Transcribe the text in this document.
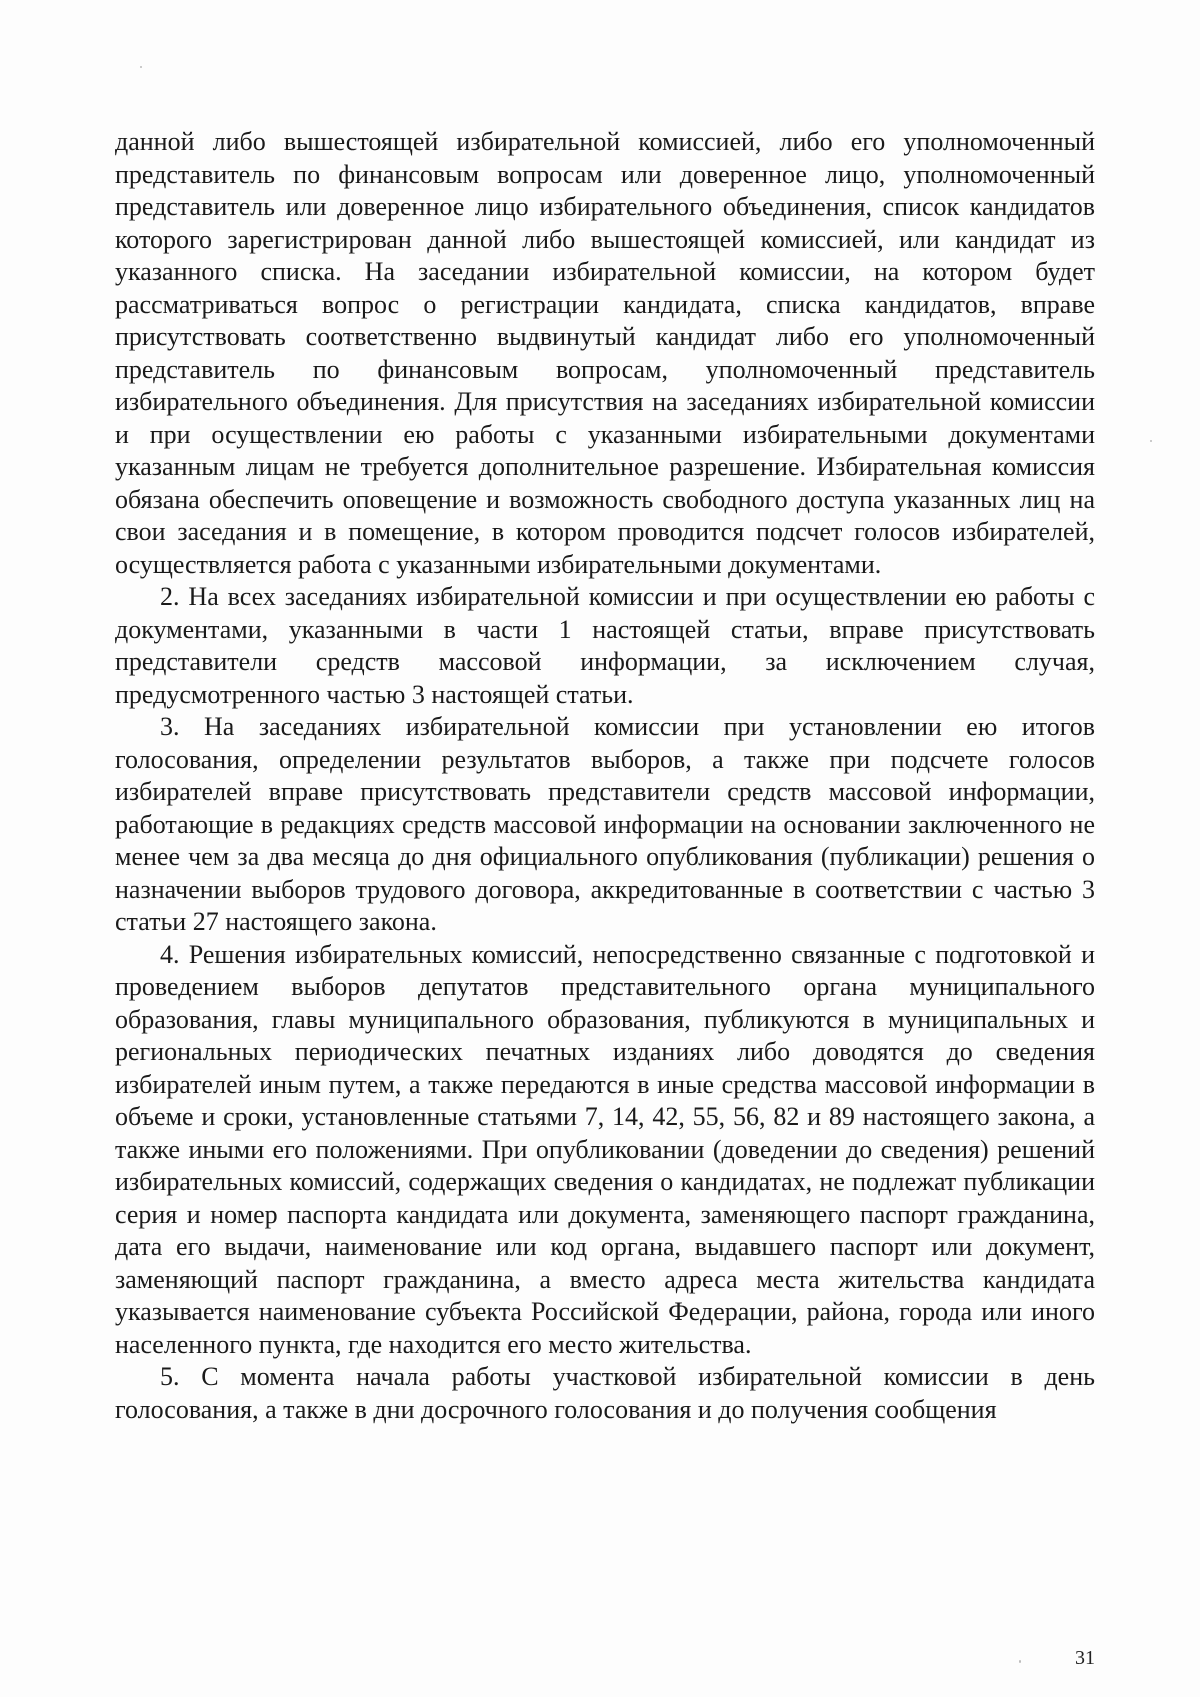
данной либо вышестоящей избирательной комиссией, либо его уполномоченный представитель по финансовым вопросам или доверенное лицо, уполномоченный представитель или доверенное лицо избирательного объединения, список кандидатов которого зарегистрирован данной либо вышестоящей комиссией, или кандидат из указанного списка. На заседании избирательной комиссии, на котором будет рассматриваться вопрос о регистрации кандидата, списка кандидатов, вправе присутствовать соответственно выдвинутый кандидат либо его уполномоченный представитель по финансовым вопросам, уполномоченный представитель избирательного объединения. Для присутствия на заседаниях избирательной комиссии и при осуществлении ею работы с указанными избирательными документами указанным лицам не требуется дополнительное разрешение. Избирательная комиссия обязана обеспечить оповещение и возможность свободного доступа указанных лиц на свои заседания и в помещение, в котором проводится подсчет голосов избирателей, осуществляется работа с указанными избирательными документами.

2. На всех заседаниях избирательной комиссии и при осуществлении ею работы с документами, указанными в части 1 настоящей статьи, вправе присутствовать представители средств массовой информации, за исключением случая, предусмотренного частью 3 настоящей статьи.

3. На заседаниях избирательной комиссии при установлении ею итогов голосования, определении результатов выборов, а также при подсчете голосов избирателей вправе присутствовать представители средств массовой информации, работающие в редакциях средств массовой информации на основании заключенного не менее чем за два месяца до дня официального опубликования (публикации) решения о назначении выборов трудового договора, аккредитованные в соответствии с частью 3 статьи 27 настоящего закона.

4. Решения избирательных комиссий, непосредственно связанные с подготовкой и проведением выборов депутатов представительного органа муниципального образования, главы муниципального образования, публикуются в муниципальных и региональных периодических печатных изданиях либо доводятся до сведения избирателей иным путем, а также передаются в иные средства массовой информации в объеме и сроки, установленные статьями 7, 14, 42, 55, 56, 82 и 89 настоящего закона, а также иными его положениями. При опубликовании (доведении до сведения) решений избирательных комиссий, содержащих сведения о кандидатах, не подлежат публикации серия и номер паспорта кандидата или документа, заменяющего паспорт гражданина, дата его выдачи, наименование или код органа, выдавшего паспорт или документ, заменяющий паспорт гражданина, а вместо адреса места жительства кандидата указывается наименование субъекта Российской Федерации, района, города или иного населенного пункта, где находится его место жительства.

5. С момента начала работы участковой избирательной комиссии в день голосования, а также в дни досрочного голосования и до получения сообщения

31
